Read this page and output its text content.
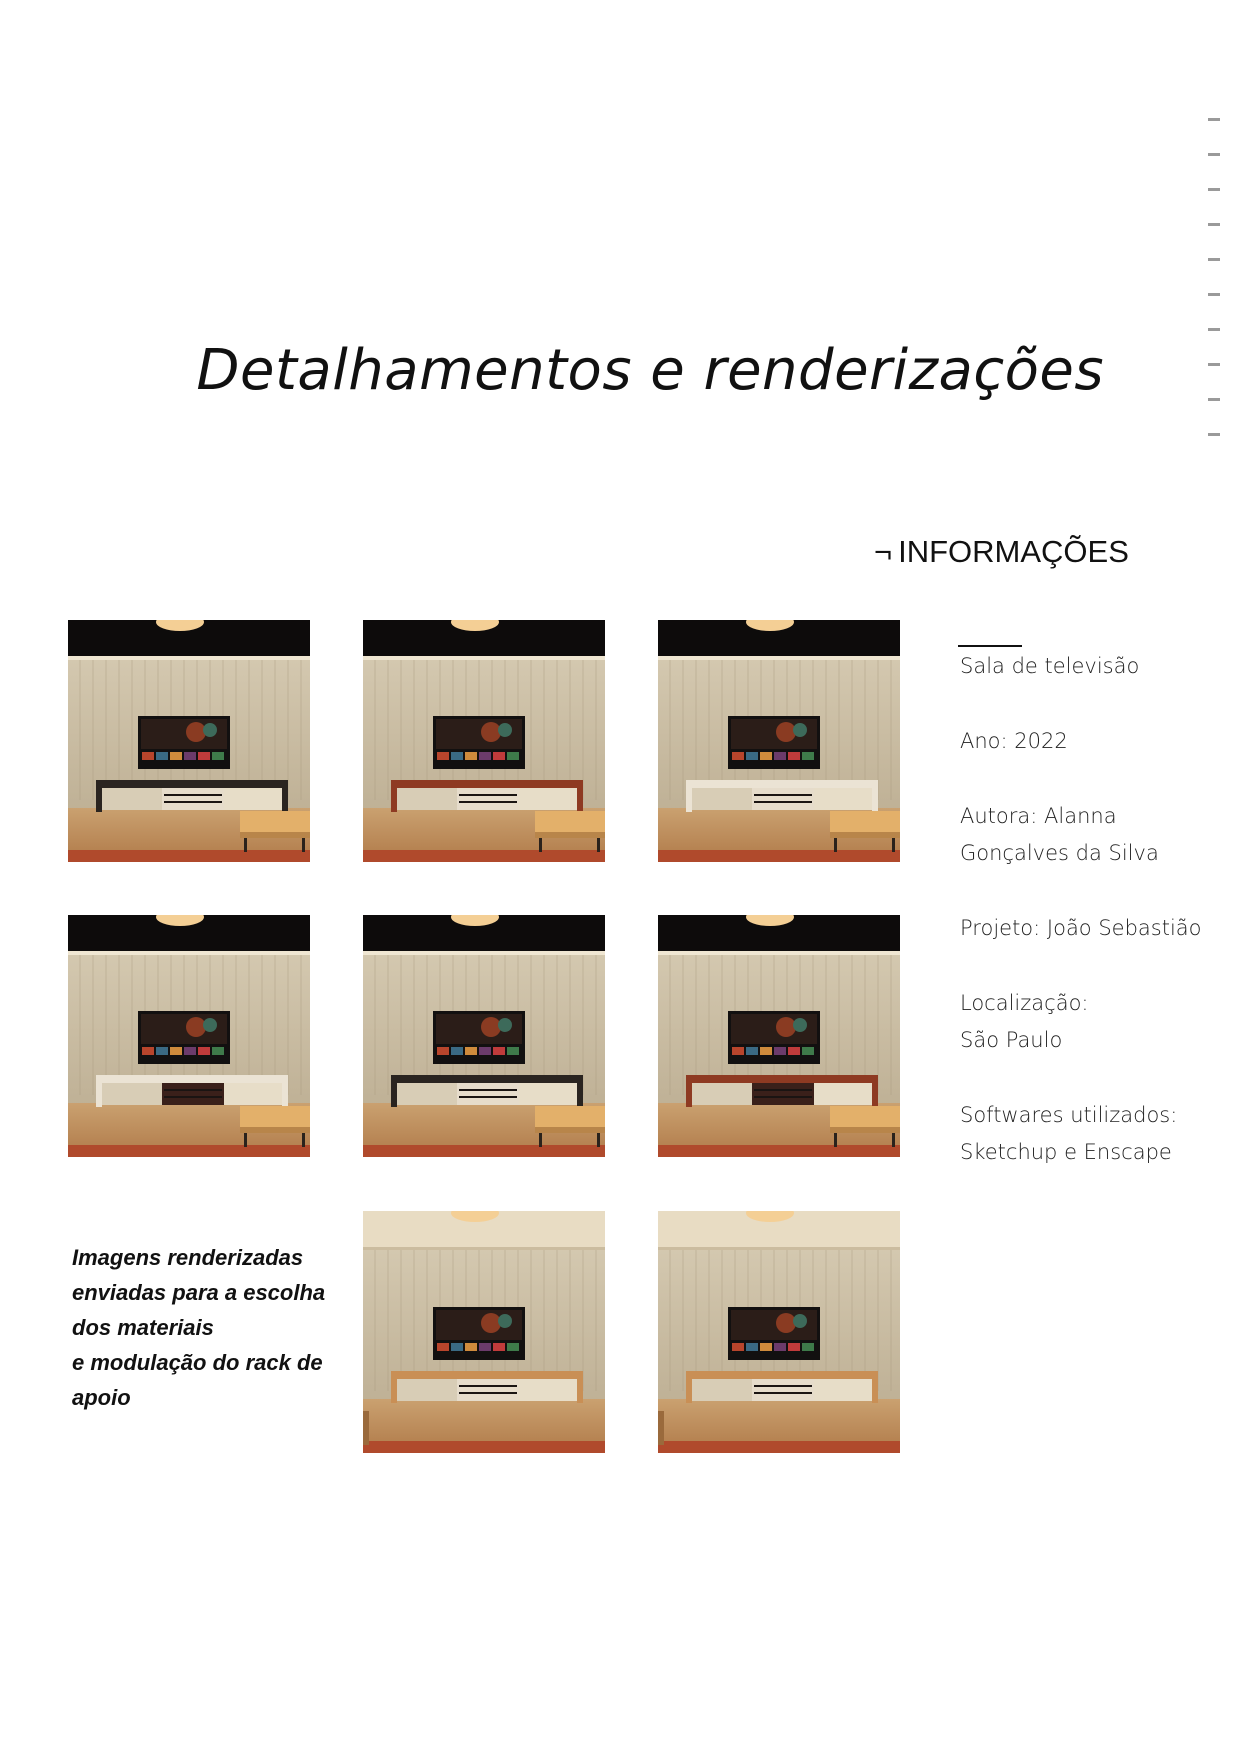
Detalhamentos e renderizações
¬ INFORMAÇÕES
Sala de televisão
Ano: 2022
Autora: Alanna
Gonçalves da Silva
Projeto: João Sebastião
Localização:
São Paulo
Softwares utilizados:
Sketchup e Enscape
Imagens renderizadas
enviadas para a escolha
dos materiais
e modulação do rack de
apoio
